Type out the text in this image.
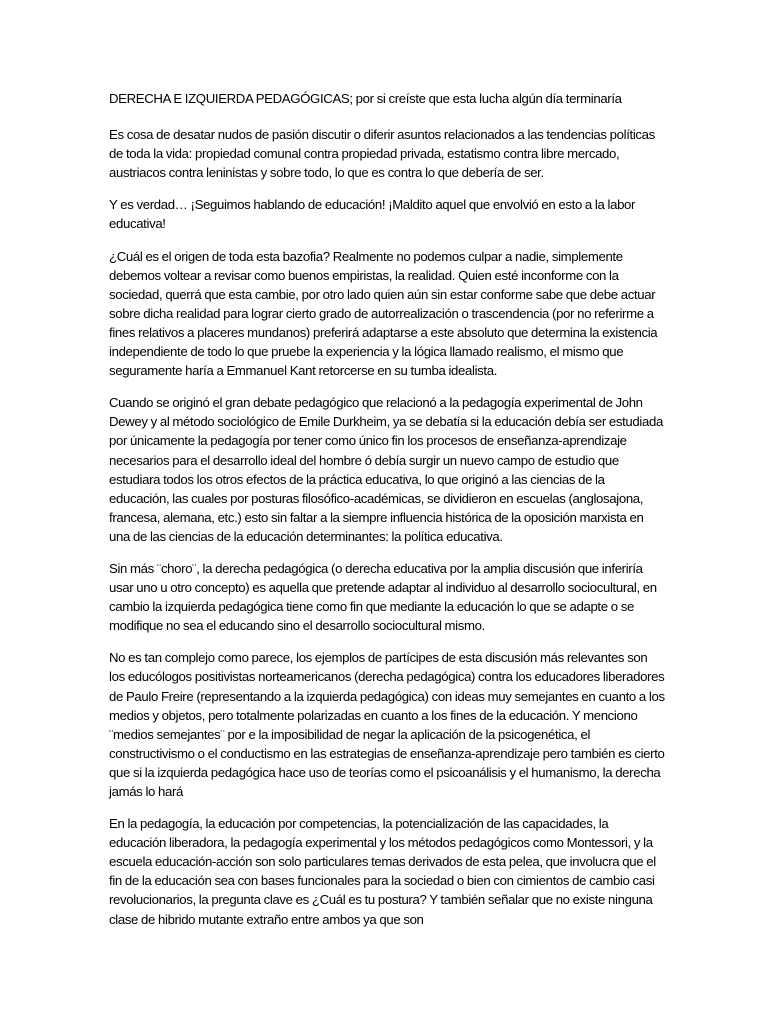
DERECHA E IZQUIERDA PEDAGÓGICAS; por si creíste que esta lucha algún día terminaría

Es cosa de desatar nudos de pasión discutir o diferir asuntos relacionados a las tendencias políticas de toda la vida: propiedad comunal contra propiedad privada, estatismo contra libre mercado, austriacos contra leninistas y sobre todo, lo que es contra lo que debería de ser.

Y es verdad… ¡Seguimos hablando de educación! ¡Maldito aquel que envolvió en esto a la labor educativa!

¿Cuál es el origen de toda esta bazofia? Realmente no podemos culpar a nadie, simplemente debemos voltear a revisar como buenos empiristas, la realidad. Quien esté inconforme con la sociedad, querrá que esta cambie, por otro lado quien aún sin estar conforme sabe que debe actuar sobre dicha realidad para lograr cierto grado de autorrealización o trascendencia (por no referirme a fines relativos a placeres mundanos) preferirá adaptarse a este absoluto que determina la existencia independiente de todo lo que pruebe la experiencia y la lógica llamado realismo, el mismo que seguramente haría a Emmanuel Kant retorcerse en su tumba idealista.

Cuando se originó el gran debate pedagógico que relacionó a la pedagogía experimental de John Dewey y al método sociológico de Emile Durkheim, ya se debatía si la educación debía ser estudiada por únicamente la pedagogía por tener como único fin los procesos de enseñanza-aprendizaje necesarios para el desarrollo ideal del hombre ó debía surgir un nuevo campo de estudio que estudiara todos los otros efectos de la práctica educativa, lo que originó a las ciencias de la educación, las cuales por posturas filosófico-académicas, se dividieron en escuelas (anglosajona, francesa, alemana, etc.) esto sin faltar a la siempre influencia histórica de la oposición marxista en una de las ciencias de la educación determinantes: la política educativa.

Sin más ¨choro¨, la derecha pedagógica (o derecha educativa por la amplia discusión que inferiría usar uno u otro concepto) es aquella que pretende adaptar al individuo al desarrollo sociocultural, en cambio la izquierda pedagógica tiene como fin que mediante la educación lo que se adapte o se modifique no sea el educando sino el desarrollo sociocultural mismo.

No es tan complejo como parece, los ejemplos de partícipes de esta discusión más relevantes son los educólogos positivistas norteamericanos (derecha pedagógica) contra los educadores liberadores de Paulo Freire (representando a la izquierda pedagógica) con ideas muy semejantes en cuanto a los medios y objetos, pero totalmente polarizadas en cuanto a los fines de la educación. Y menciono ¨medios semejantes¨ por e la imposibilidad de negar la aplicación de la psicogenética, el constructivismo o el conductismo en las estrategias de enseñanza-aprendizaje pero también es cierto que si la izquierda pedagógica hace uso de teorías como el psicoanálisis y el humanismo, la derecha jamás lo hará

En la pedagogía, la educación por competencias, la potencialización de las capacidades, la educación liberadora, la pedagogía experimental y los métodos pedagógicos como Montessori, y la escuela educación-acción son solo particulares temas derivados de esta pelea, que involucra que el fin de la educación sea con bases funcionales para la sociedad o bien con cimientos de cambio casi revolucionarios, la pregunta clave es ¿Cuál es tu postura? Y también señalar que no existe ninguna clase de hibrido mutante extraño entre ambos ya que son
